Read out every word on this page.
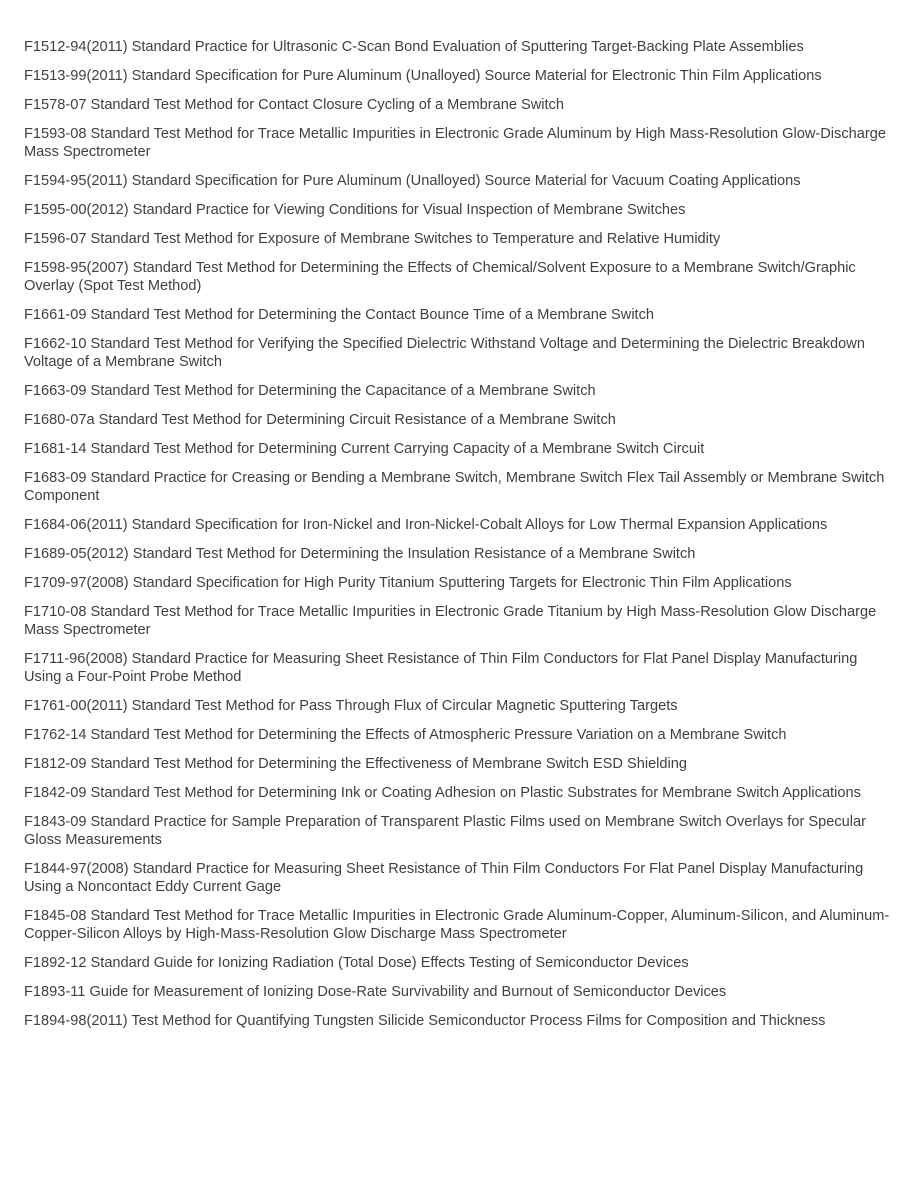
F1512-94(2011) Standard Practice for Ultrasonic C-Scan Bond Evaluation of Sputtering Target-Backing Plate Assemblies

F1513-99(2011) Standard Specification for Pure Aluminum (Unalloyed) Source Material for Electronic Thin Film Applications

F1578-07 Standard Test Method for Contact Closure Cycling of a Membrane Switch

F1593-08 Standard Test Method for Trace Metallic Impurities in Electronic Grade Aluminum by High Mass-Resolution Glow-Discharge Mass Spectrometer

F1594-95(2011) Standard Specification for Pure Aluminum (Unalloyed) Source Material for Vacuum Coating Applications

F1595-00(2012) Standard Practice for Viewing Conditions for Visual Inspection of Membrane Switches

F1596-07 Standard Test Method for Exposure of Membrane Switches to Temperature and Relative Humidity

F1598-95(2007) Standard Test Method for Determining the Effects of Chemical/Solvent Exposure to a Membrane Switch/Graphic Overlay (Spot Test Method)

F1661-09 Standard Test Method for Determining the Contact Bounce Time of a Membrane Switch

F1662-10 Standard Test Method for Verifying the Specified Dielectric Withstand Voltage and Determining the Dielectric Breakdown Voltage of a Membrane Switch

F1663-09 Standard Test Method for Determining the Capacitance of a Membrane Switch

F1680-07a Standard Test Method for Determining Circuit Resistance of a Membrane Switch

F1681-14 Standard Test Method for Determining Current Carrying Capacity of a Membrane Switch Circuit

F1683-09 Standard Practice for Creasing or Bending a Membrane Switch, Membrane Switch Flex Tail Assembly or Membrane Switch Component

F1684-06(2011) Standard Specification for Iron-Nickel and Iron-Nickel-Cobalt Alloys for Low Thermal Expansion Applications

F1689-05(2012) Standard Test Method for Determining the Insulation Resistance of a Membrane Switch

F1709-97(2008) Standard Specification for High Purity Titanium Sputtering Targets for Electronic Thin Film Applications

F1710-08 Standard Test Method for Trace Metallic Impurities in Electronic Grade Titanium by High Mass-Resolution Glow Discharge Mass Spectrometer

F1711-96(2008) Standard Practice for Measuring Sheet Resistance of Thin Film Conductors for Flat Panel Display Manufacturing Using a Four-Point Probe Method

F1761-00(2011) Standard Test Method for Pass Through Flux of Circular Magnetic Sputtering Targets

F1762-14 Standard Test Method for Determining the Effects of Atmospheric Pressure Variation on a Membrane Switch

F1812-09 Standard Test Method for Determining the Effectiveness of Membrane Switch ESD Shielding

F1842-09 Standard Test Method for Determining Ink or Coating Adhesion on Plastic Substrates for Membrane Switch Applications

F1843-09 Standard Practice for Sample Preparation of Transparent Plastic Films used on Membrane Switch Overlays for Specular Gloss Measurements

F1844-97(2008) Standard Practice for Measuring Sheet Resistance of Thin Film Conductors For Flat Panel Display Manufacturing Using a Noncontact Eddy Current Gage

F1845-08 Standard Test Method for Trace Metallic Impurities in Electronic Grade Aluminum-Copper, Aluminum-Silicon, and Aluminum-Copper-Silicon Alloys by High-Mass-Resolution Glow Discharge Mass Spectrometer

F1892-12 Standard Guide for Ionizing Radiation (Total Dose) Effects Testing of Semiconductor Devices

F1893-11 Guide for Measurement of Ionizing Dose-Rate Survivability and Burnout of Semiconductor Devices

F1894-98(2011) Test Method for Quantifying Tungsten Silicide Semiconductor Process Films for Composition and Thickness
